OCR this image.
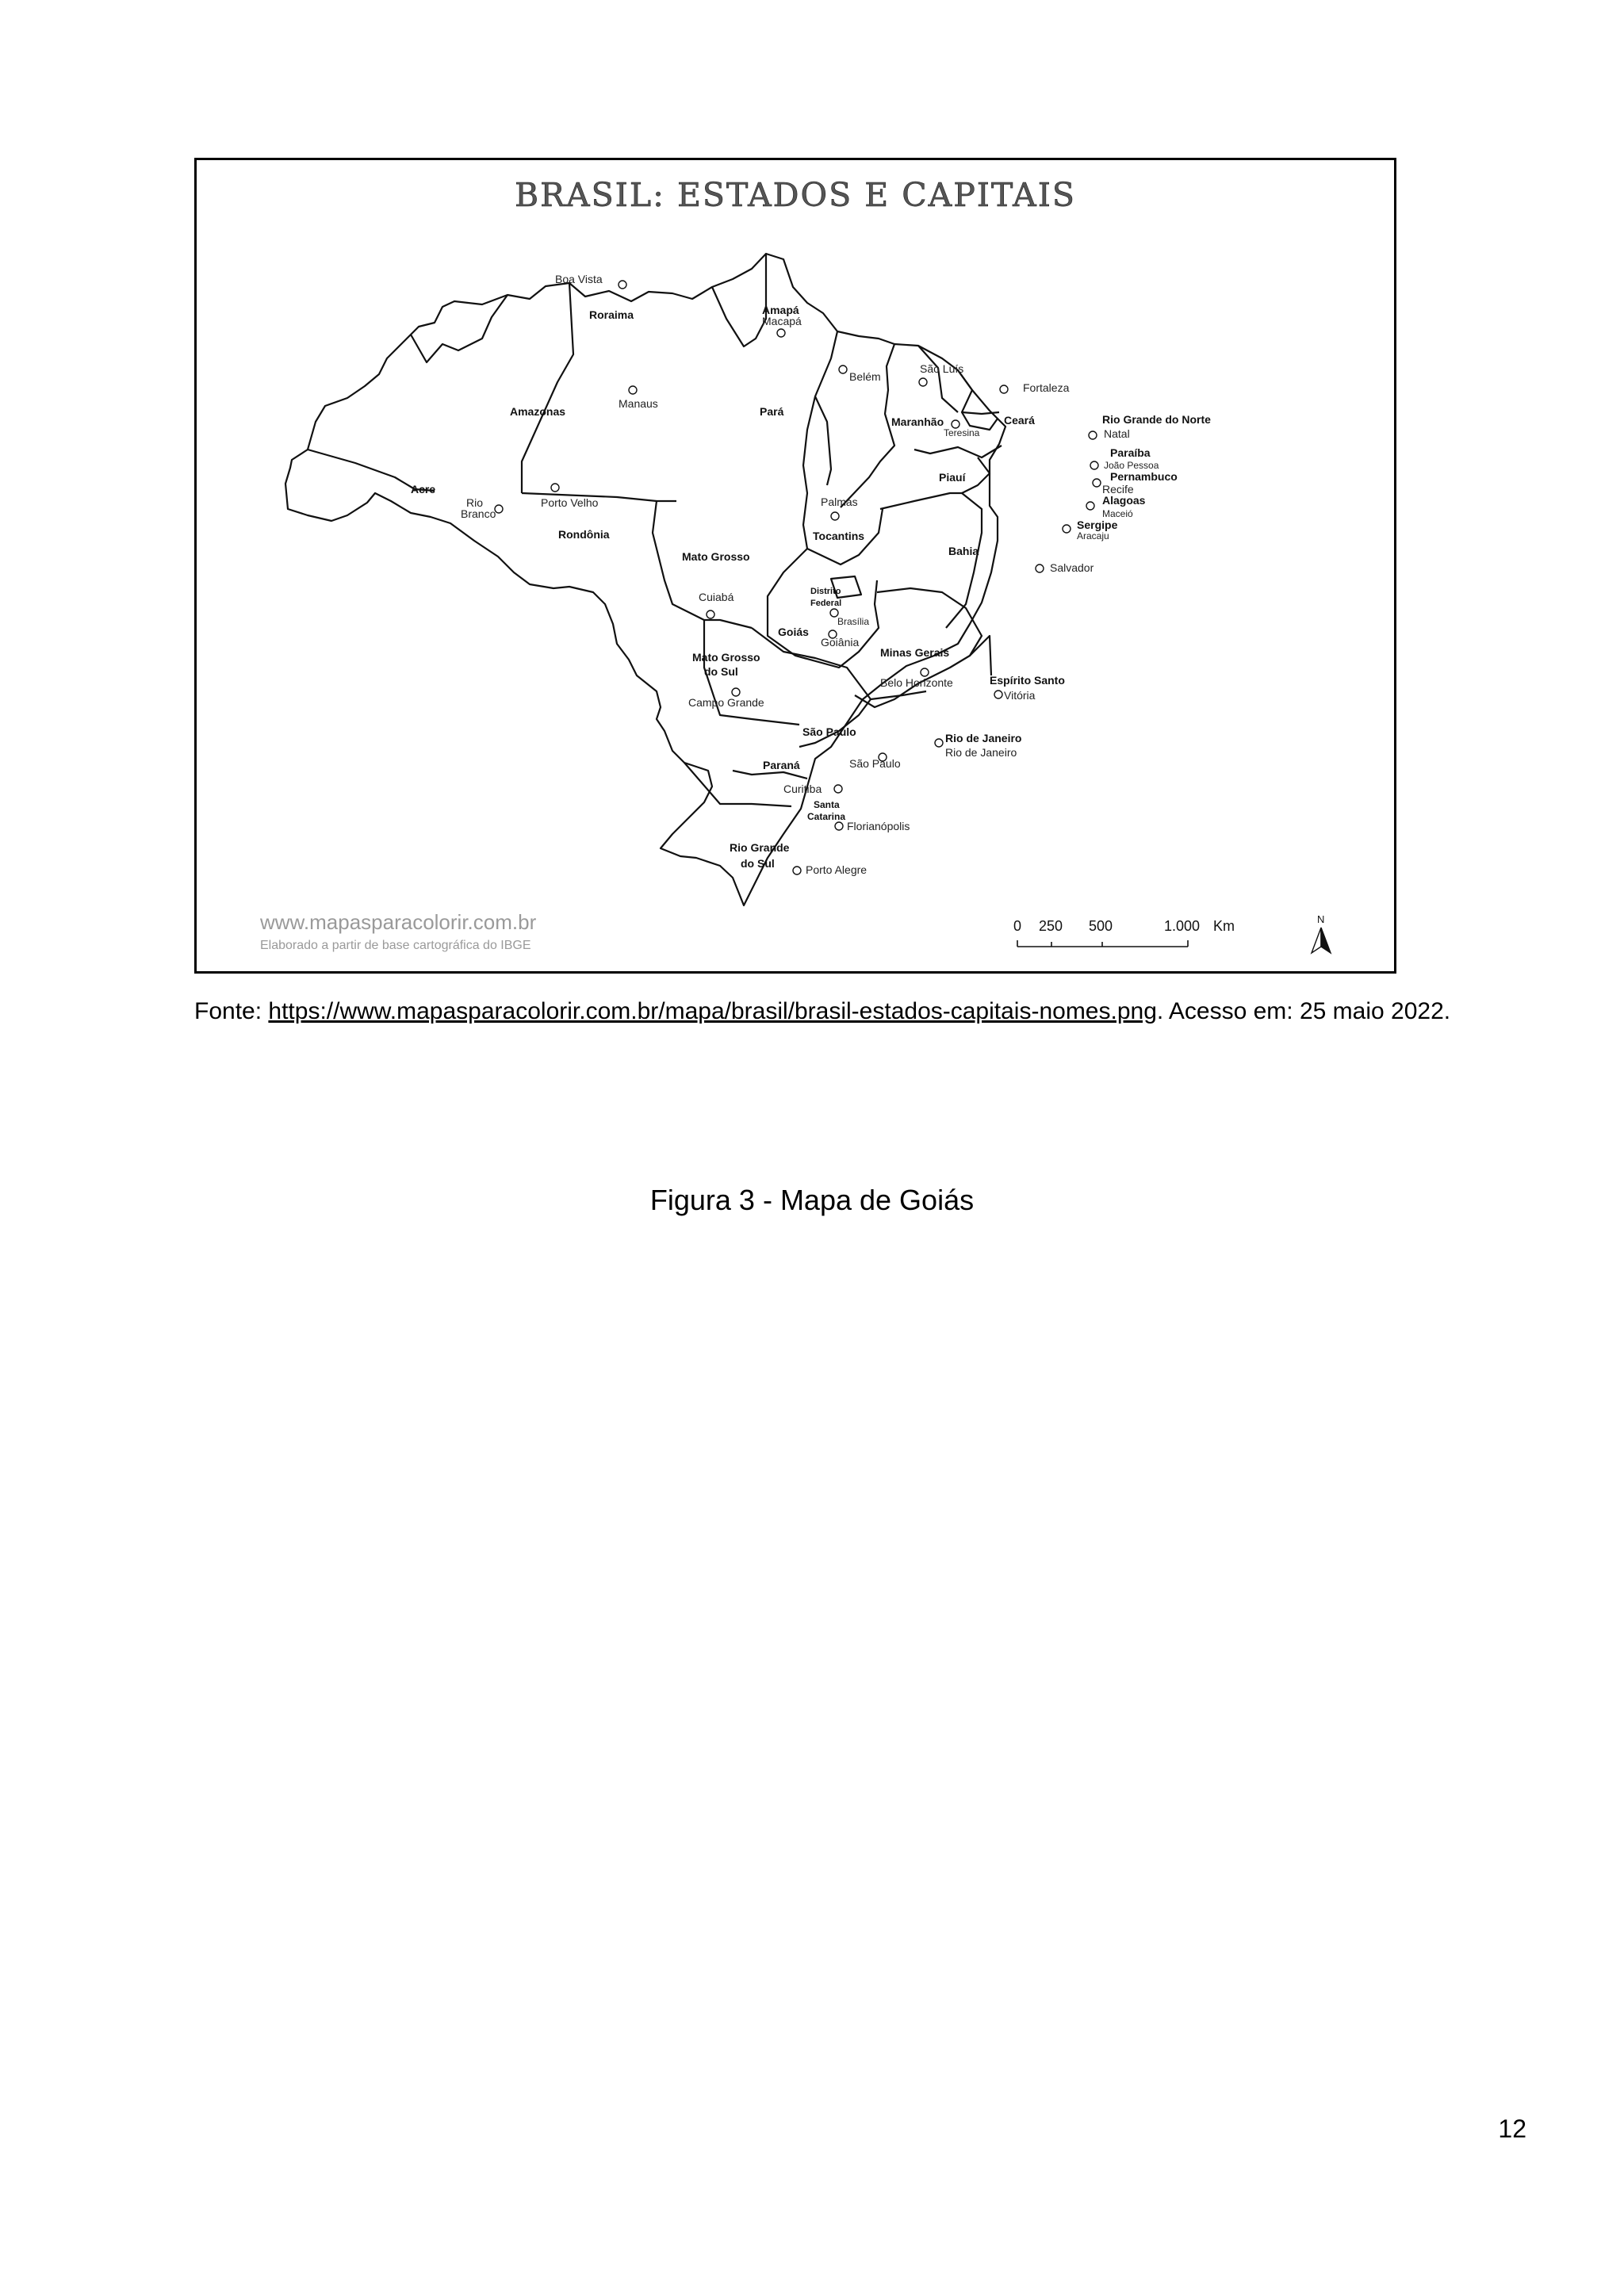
BRASIL: ESTADOS E CAPITAIS
Roraima	Amapá
Amazonas	Pará
Maranhão	Ceará	Rio Grande do Norte
Paraíba
Pernambuco
Alagoas
Sergipe
Piauí
Acre
Rondônia
Mato Grosso
Tocantins
Bahia
Distrito
Federal
Goiás
Minas Gerais
Mato Grosso
do Sul
Espírito Santo
São Paulo	Rio de Janeiro
Paraná
Santa
Catarina
Rio Grande
do Sul
Boa Vista
Manaus
Macapá
Belém
São Luís
Fortaleza
Teresina	Natal
João Pessoa
Recife
Maceió
Aracaju
Salvador
Porto Velho
Rio
Branco
Palmas
Cuiabá
Brasília
Goiânia
Belo Horizonte
Vitória
Campo Grande
Rio de Janeiro
São Paulo
Curitiba
Florianópolis
Porto Alegre
www.mapasparacolorir.com.br
Elaborado a partir de base cartográfica do IBGE
0 250 500	1.000 Km	N
Fonte: https://www.mapasparacolorir.com.br/mapa/brasil/brasil-estados-capitais-nomes.png. Acesso em: 25 maio 2022.
Figura 3 - Mapa de Goiás
12
